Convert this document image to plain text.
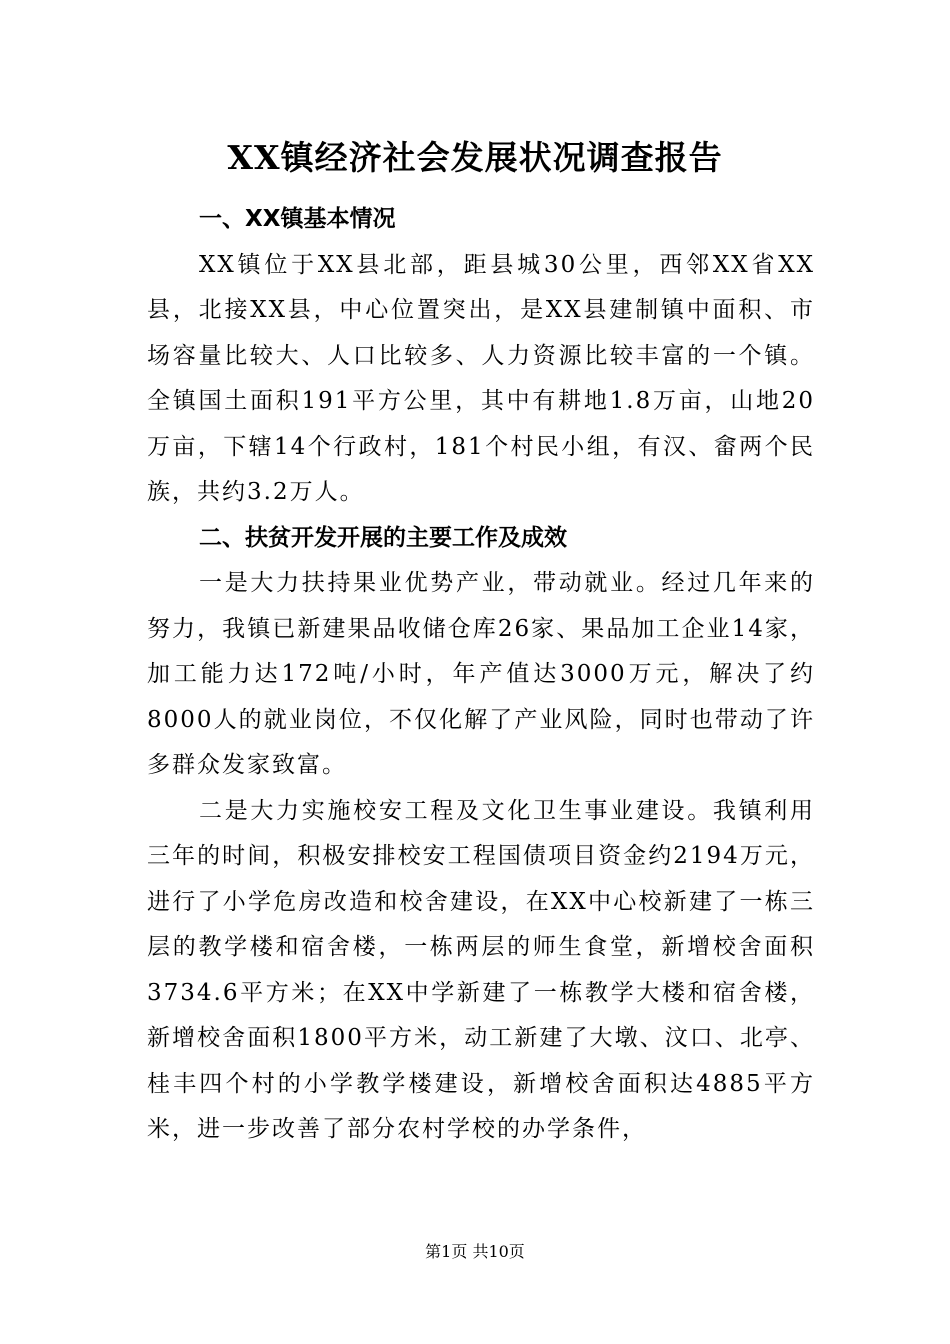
XX镇经济社会发展状况调查报告
一、XX镇基本情况

XX镇位于XX县北部，距县城30公里，西邻XX省XX县，北接XX县，中心位置突出，是XX县建制镇中面积、市场容量比较大、人口比较多、人力资源比较丰富的一个镇。全镇国土面积191平方公里，其中有耕地1.8万亩，山地20万亩，下辖14个行政村，181个村民小组，有汉、畲两个民族，共约3.2万人。

二、扶贫开发开展的主要工作及成效

一是大力扶持果业优势产业，带动就业。经过几年来的努力，我镇已新建果品收储仓库26家、果品加工企业14家，加工能力达172吨/小时，年产值达3000万元，解决了约8000人的就业岗位，不仅化解了产业风险，同时也带动了许多群众发家致富。

二是大力实施校安工程及文化卫生事业建设。我镇利用三年的时间，积极安排校安工程国债项目资金约2194万元，进行了小学危房改造和校舍建设，在XX中心校新建了一栋三层的教学楼和宿舍楼，一栋两层的师生食堂，新增校舍面积3734.6平方米；在XX中学新建了一栋教学大楼和宿舍楼，新增校舍面积1800平方米，动工新建了大墩、汶口、北亭、桂丰四个村的小学教学楼建设，新增校舍面积达4885平方米，进一步改善了部分农村学校的办学条件，

第1页 共10页
